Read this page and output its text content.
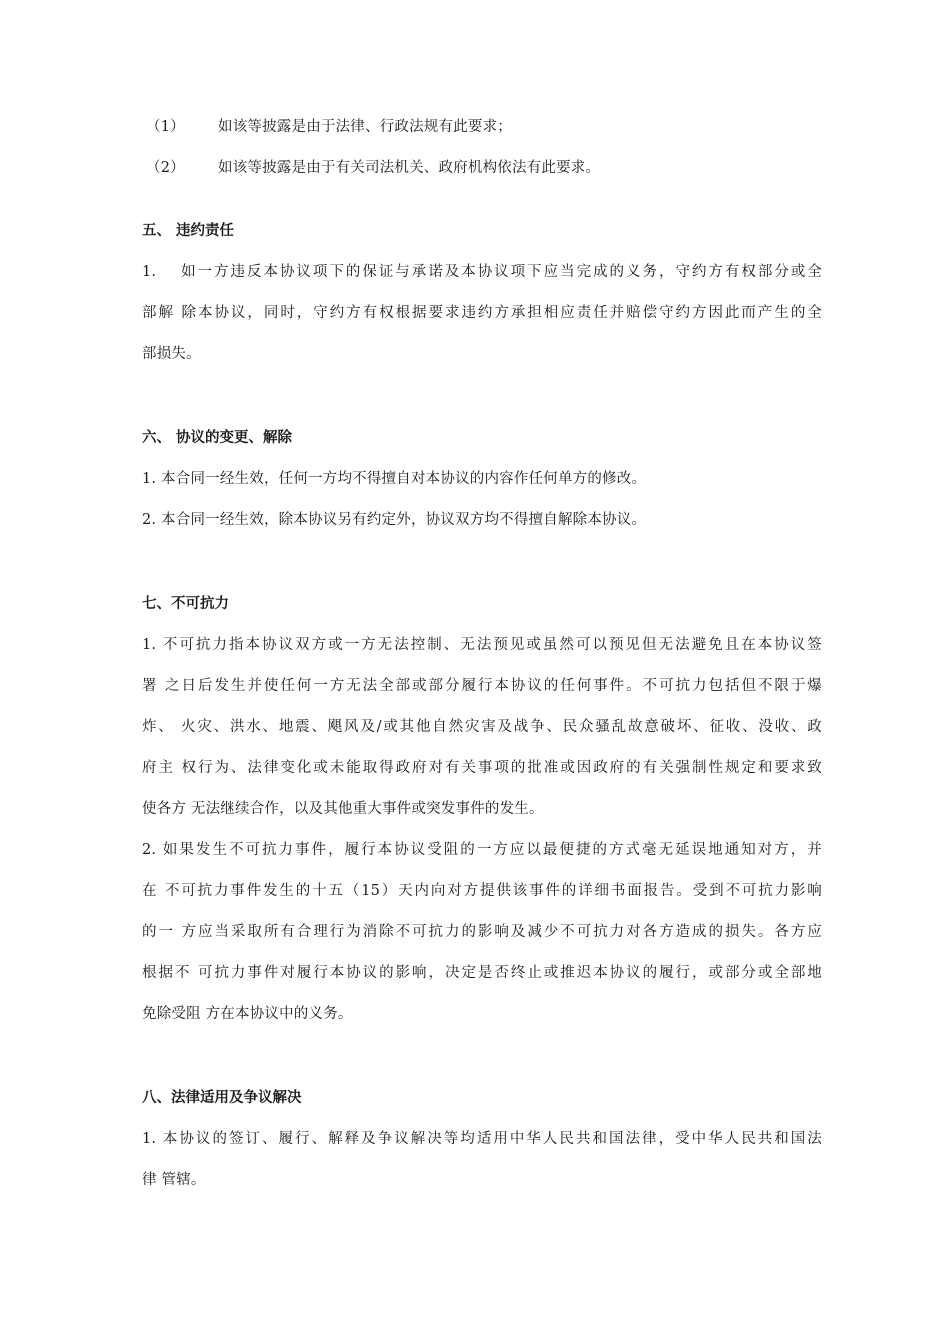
（1）	如该等披露是由于法律、行政法规有此要求；
（2）	如该等披露是由于有关司法机关、政府机构依法有此要求。
五、 违约责任
1.　 如一方违反本协议项下的保证与承诺及本协议项下应当完成的义务，守约方有权部分或全
部解 除本协议，同时，守约方有权根据要求违约方承担相应责任并赔偿守约方因此而产生的全
部损失。
六、 协议的变更、解除
1. 本合同一经生效，任何一方均不得擅自对本协议的内容作任何单方的修改。
2. 本合同一经生效，除本协议另有约定外，协议双方均不得擅自解除本协议。
七、不可抗力
1. 不可抗力指本协议双方或一方无法控制、无法预见或虽然可以预见但无法避免且在本协议签
署 之日后发生并使任何一方无法全部或部分履行本协议的任何事件。不可抗力包括但不限于爆
炸、 火灾、洪水、地震、飓风及/或其他自然灾害及战争、民众骚乱故意破坏、征收、没收、政
府主 权行为、法律变化或未能取得政府对有关事项的批准或因政府的有关强制性规定和要求致
使各方 无法继续合作，以及其他重大事件或突发事件的发生。
2. 如果发生不可抗力事件，履行本协议受阻的一方应以最便捷的方式毫无延误地通知对方，并
在 不可抗力事件发生的十五（15）天内向对方提供该事件的详细书面报告。受到不可抗力影响
的一 方应当采取所有合理行为消除不可抗力的影响及减少不可抗力对各方造成的损失。各方应
根据不 可抗力事件对履行本协议的影响，决定是否终止或推迟本协议的履行，或部分或全部地
免除受阻 方在本协议中的义务。
八、法律适用及争议解决
1. 本协议的签订、履行、解释及争议解决等均适用中华人民共和国法律，受中华人民共和国法
律 管辖。
